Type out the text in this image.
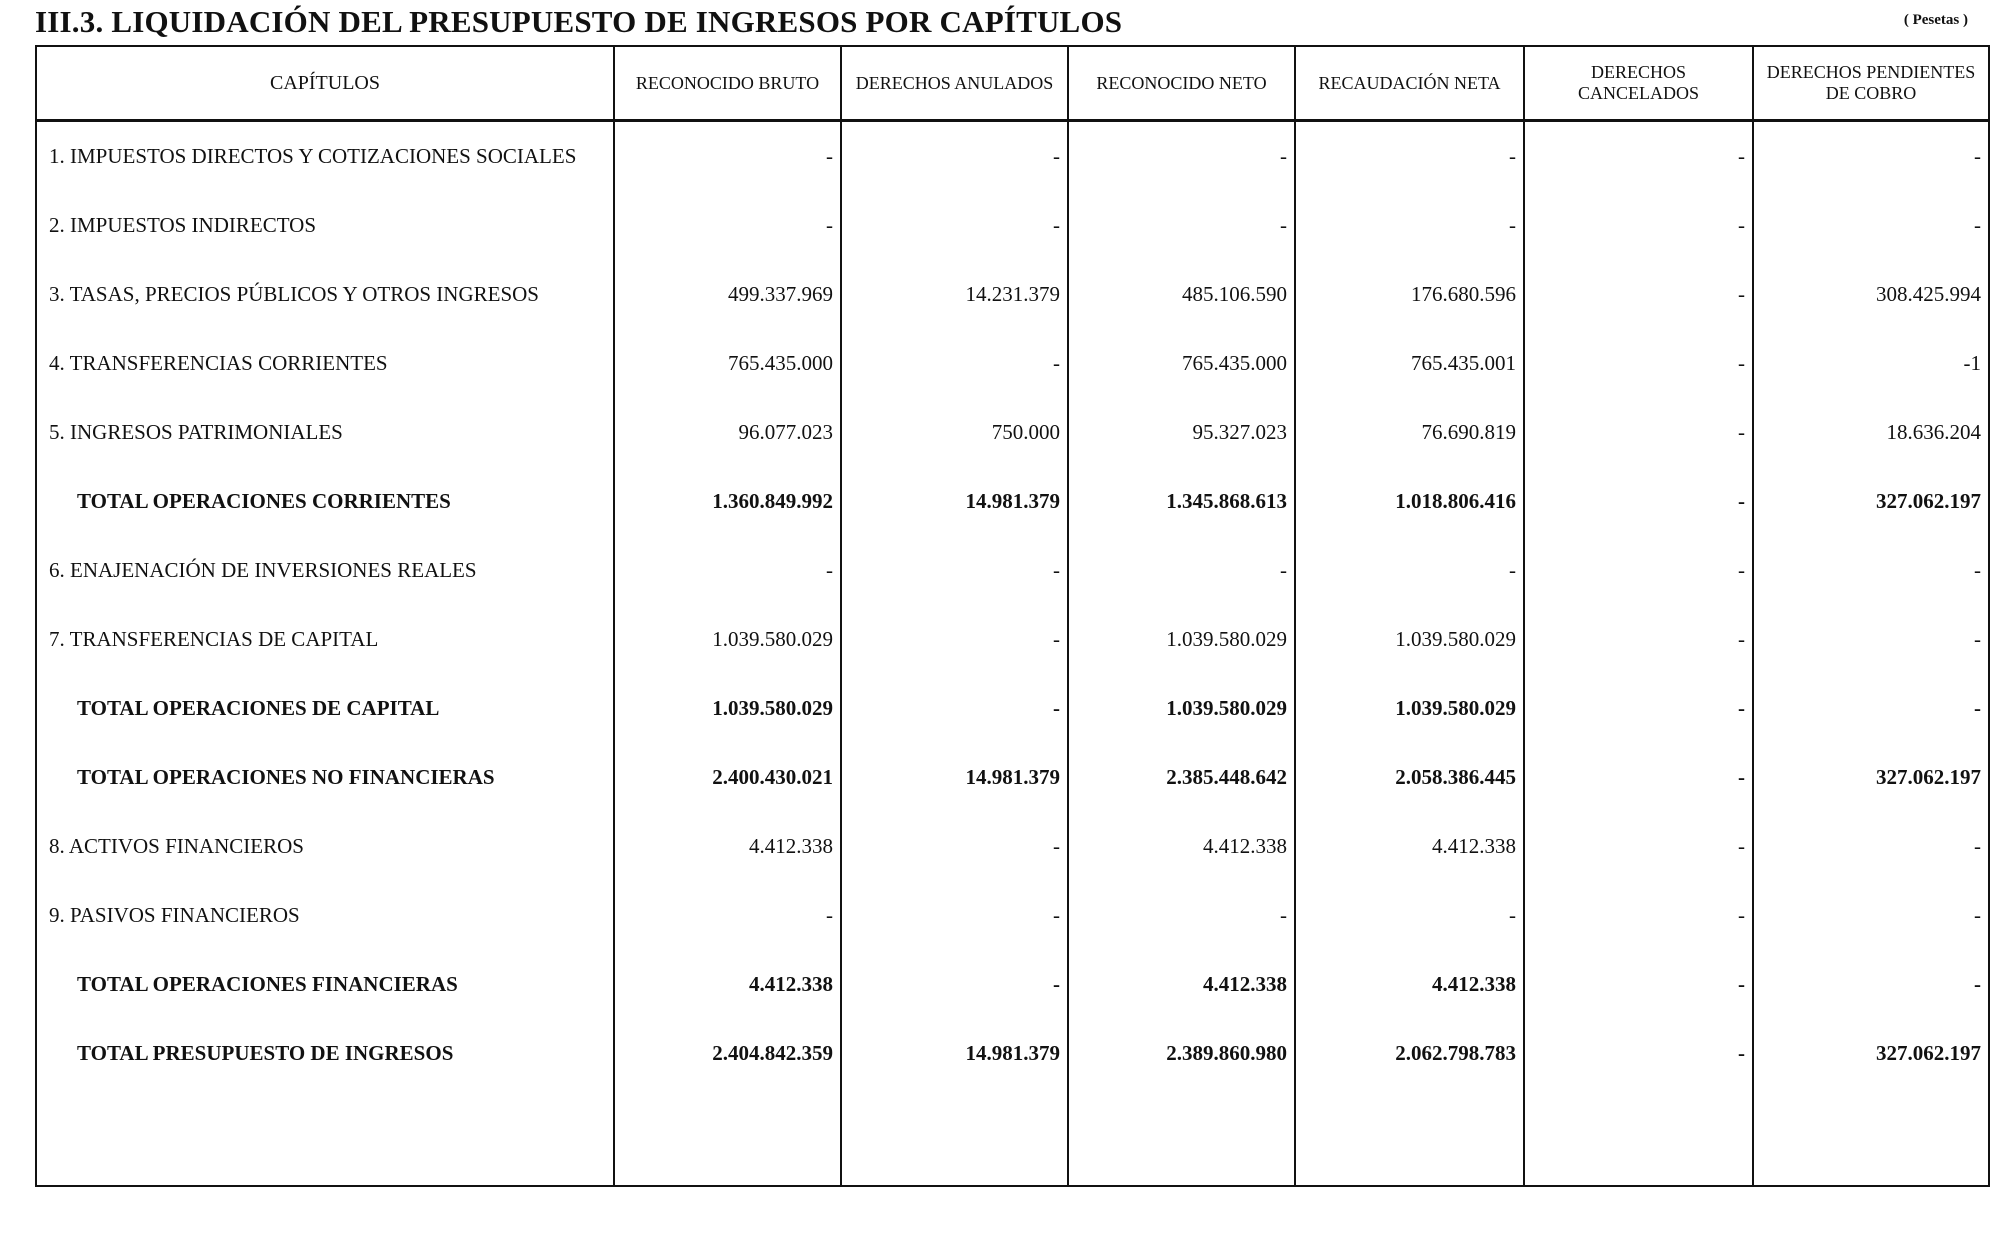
III.3. LIQUIDACIÓN DEL PRESUPUESTO DE INGRESOS POR CAPÍTULOS	( Pesetas )
CAPÍTULOS	RECONOCIDO BRUTO	DERECHOS ANULADOS	RECONOCIDO NETO	RECAUDACIÓN NETA	DERECHOS CANCELADOS	DERECHOS PENDIENTES DE COBRO
1. IMPUESTOS DIRECTOS Y COTIZACIONES SOCIALES	-	-	-	-	-	-
2. IMPUESTOS INDIRECTOS	-	-	-	-	-	-
3. TASAS, PRECIOS PÚBLICOS Y OTROS INGRESOS	499.337.969	14.231.379	485.106.590	176.680.596	-	308.425.994
4. TRANSFERENCIAS CORRIENTES	765.435.000	-	765.435.000	765.435.001	-	-1
5. INGRESOS PATRIMONIALES	96.077.023	750.000	95.327.023	76.690.819	-	18.636.204
TOTAL OPERACIONES CORRIENTES	1.360.849.992	14.981.379	1.345.868.613	1.018.806.416	-	327.062.197
6. ENAJENACIÓN DE INVERSIONES REALES	-	-	-	-	-	-
7. TRANSFERENCIAS DE CAPITAL	1.039.580.029	-	1.039.580.029	1.039.580.029	-	-
TOTAL OPERACIONES DE CAPITAL	1.039.580.029	-	1.039.580.029	1.039.580.029	-	-
TOTAL OPERACIONES NO FINANCIERAS	2.400.430.021	14.981.379	2.385.448.642	2.058.386.445	-	327.062.197
8. ACTIVOS FINANCIEROS	4.412.338	-	4.412.338	4.412.338	-	-
9. PASIVOS FINANCIEROS	-	-	-	-	-	-
TOTAL OPERACIONES FINANCIERAS	4.412.338	-	4.412.338	4.412.338	-	-
TOTAL PRESUPUESTO DE INGRESOS	2.404.842.359	14.981.379	2.389.860.980	2.062.798.783	-	327.062.197
